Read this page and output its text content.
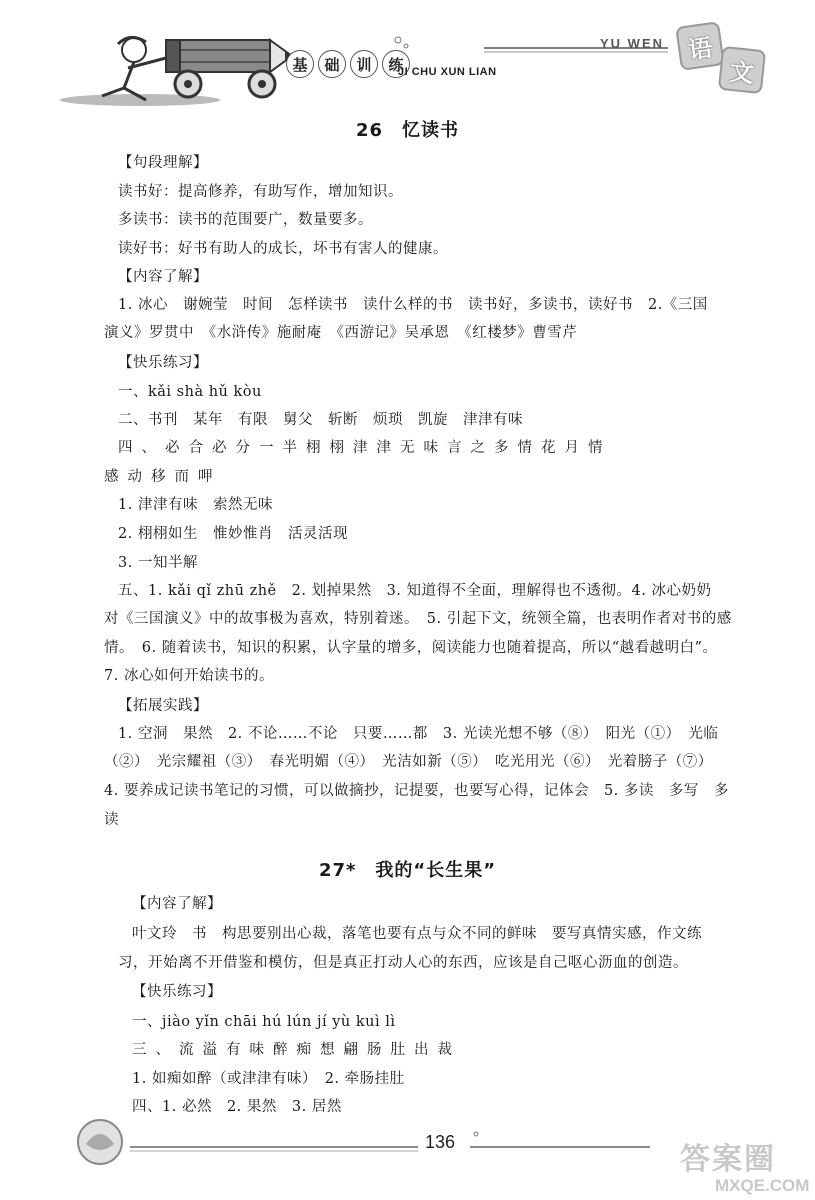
基	础	训	练
JI CHU XUN LIAN
YU WEN 语
文
26　忆读书
【句段理解】
读书好：提高修养，有助写作，增加知识。
多读书：读书的范围要广，数量要多。
读好书：好书有助人的成长，坏书有害人的健康。
【内容了解】
1. 冰心　谢婉莹　时间　怎样读书　读什么样的书　读书好，多读书，读好书　2.《三国
演义》罗贯中　《水浒传》施耐庵　《西游记》吴承恩　《红楼梦》曹雪芹
【快乐练习】
一、kǎi shà hǔ kòu
二、书刊　某年　有限　舅父　斩断　烦琐　凯旋　津津有味
四、必合必分一半栩栩津津无味言之多情花月情
感动移而呷
1. 津津有味　索然无味
2. 栩栩如生　惟妙惟肖　活灵活现
3. 一知半解
五、1. kǎi qǐ zhū zhě　2. 划掉果然　3. 知道得不全面，理解得也不透彻。4. 冰心奶奶
对《三国演义》中的故事极为喜欢，特别着迷。　5. 引起下文，统领全篇，也表明作者对书的感
情。　6. 随着读书，知识的积累，认字量的增多，阅读能力也随着提高，所以“越看越明白”。
7. 冰心如何开始读书的。
【拓展实践】
1. 空洞　果然　2. 不论……不论　只要……都　3. 光读光想不够（⑧）　阳光（①）　光临
（②）　光宗耀祖（③）　春光明媚（④）　光洁如新（⑤）　吃光用光（⑥）　光着膀子（⑦）
4. 要养成记读书笔记的习惯，可以做摘抄，记提要，也要写心得，记体会　5. 多读　多写　多
读
27*　我的“长生果”
【内容了解】
叶文玲　书　构思要别出心裁，落笔也要有点与众不同的鲜味　要写真情实感，作文练
习，开始离不开借鉴和模仿，但是真正打动人心的东西，应该是自己呕心沥血的创造。
【快乐练习】
一、jiào yǐn chāi hú lún jí yù kuì lì
三、流溢有味醉痴想翩肠肚出裁
1. 如痴如醉（或津津有味）　2. 牵肠挂肚
四、1. 必然　2. 果然　3. 居然
136	答案圈
MXQE.COM
